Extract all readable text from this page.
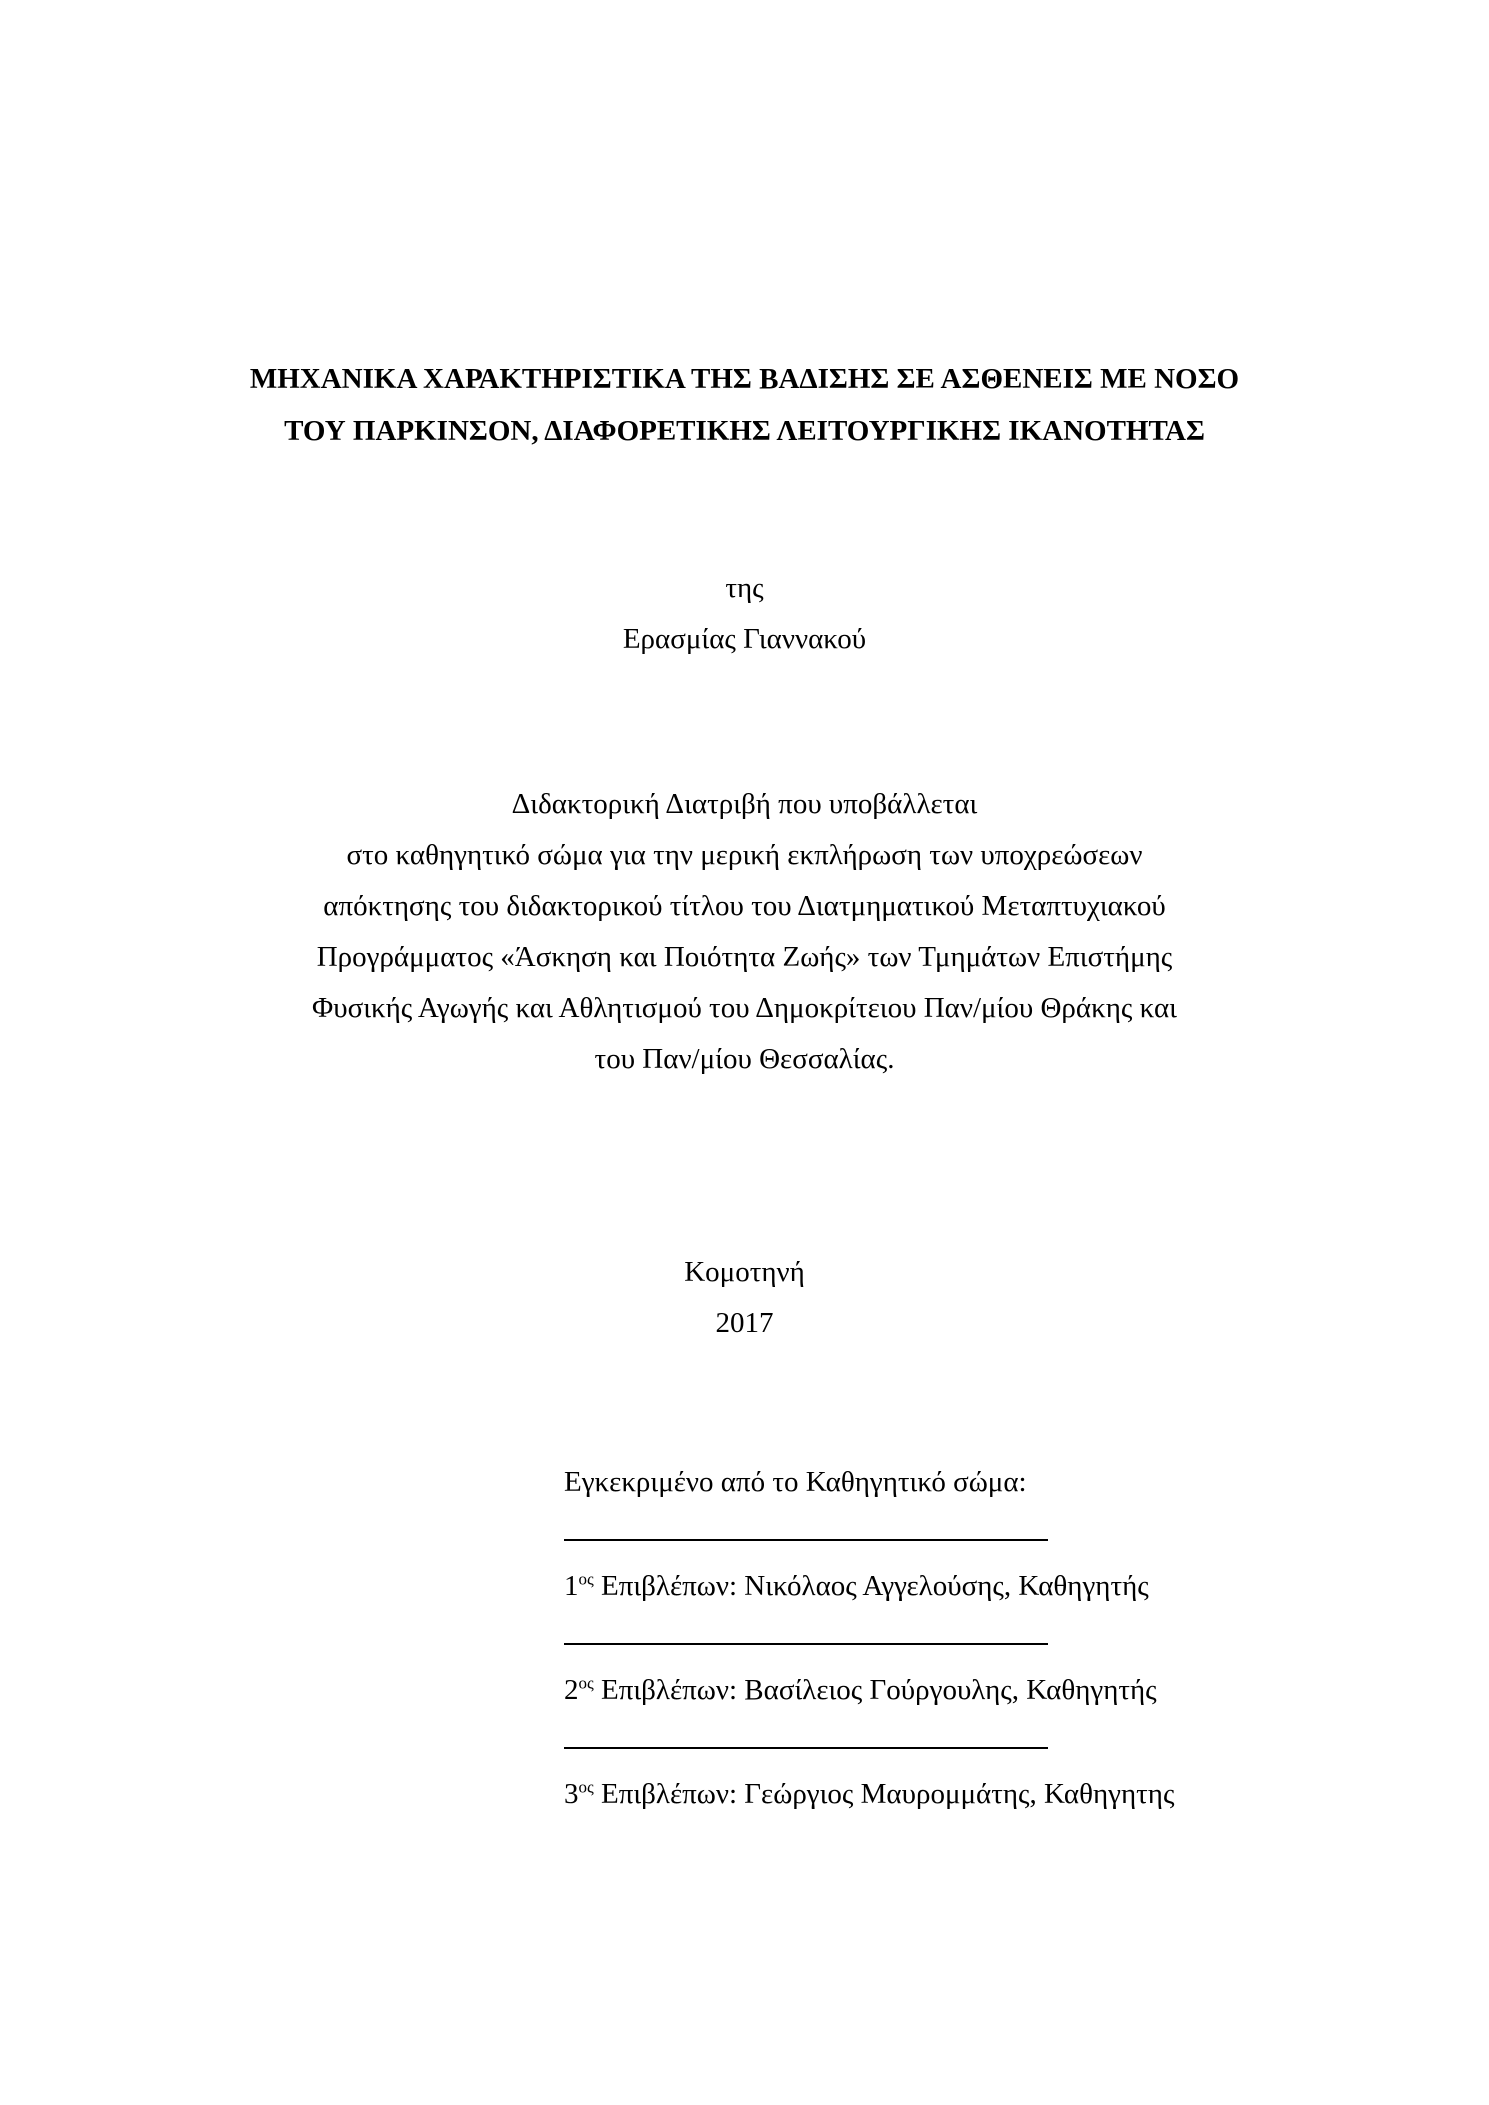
ΜΗΧΑΝΙΚΑ ΧΑΡΑΚΤΗΡΙΣΤΙΚΑ ΤΗΣ ΒΑΔΙΣΗΣ ΣΕ ΑΣΘΕΝΕΙΣ ΜΕ ΝΟΣΟ
ΤΟΥ ΠΑΡΚΙΝΣΟΝ, ΔΙΑΦΟΡΕΤΙΚΗΣ ΛΕΙΤΟΥΡΓΙΚΗΣ ΙΚΑΝΟΤΗΤΑΣ
της
Ερασμίας Γιαννακού
Διδακτορική Διατριβή που υποβάλλεται
στο καθηγητικό σώμα για την μερική εκπλήρωση των υποχρεώσεων
απόκτησης του διδακτορικού τίτλου του Διατμηματικού Μεταπτυχιακού
Προγράμματος «Άσκηση και Ποιότητα Ζωής» των Τμημάτων Επιστήμης
Φυσικής Αγωγής και Αθλητισμού του Δημοκρίτειου Παν/μίου Θράκης και
του Παν/μίου Θεσσαλίας.
Κομοτηνή
2017
Εγκεκριμένο από το Καθηγητικό σώμα:
$1^{o\varsigma}$ Επιβλέπων: Νικόλαος Αγγελούσης, Καθηγητής
$2^{o\varsigma}$ Επιβλέπων: Βασίλειος Γούργουλης, Καθηγητής
$3^{o\varsigma}$ Επιβλέπων: Γεώργιος Μαυρομμάτης, Καθηγητης
